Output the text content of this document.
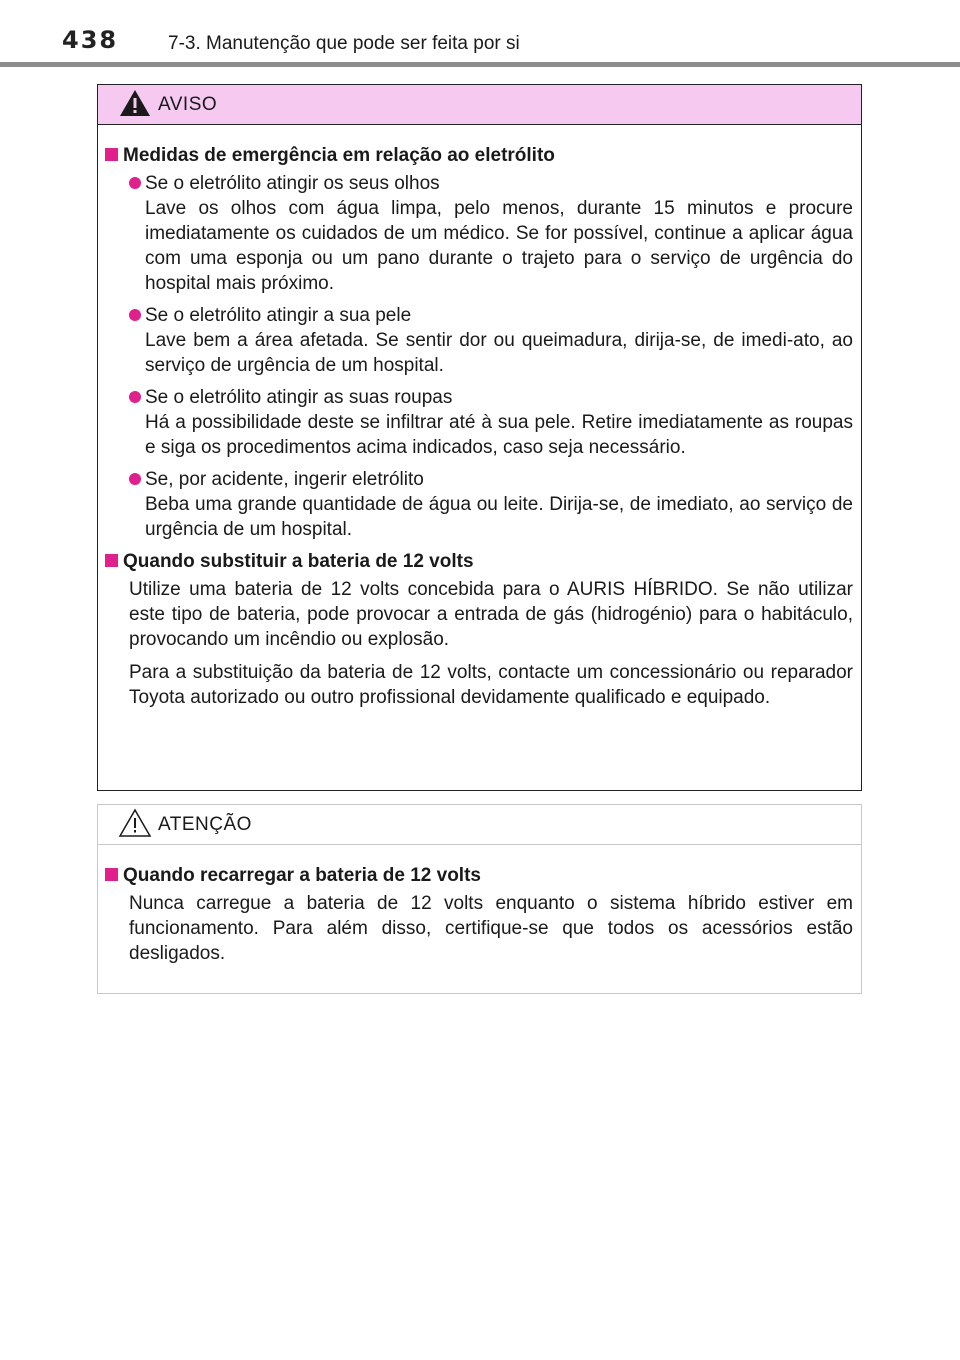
438	7-3. Manutenção que pode ser feita por si
AVISO
Medidas de emergência em relação ao eletrólito
Se o eletrólito atingir os seus olhos
Lave os olhos com água limpa, pelo menos, durante 15 minutos e procure imediatamente os cuidados de um médico. Se for possível, continue a aplicar água com uma esponja ou um pano durante o trajeto para o serviço de urgência do hospital mais próximo.
Se o eletrólito atingir a sua pele
Lave bem a área afetada. Se sentir dor ou queimadura, dirija-se, de imedi-ato, ao serviço de urgência de um hospital.
Se o eletrólito atingir as suas roupas
Há a possibilidade deste se infiltrar até à sua pele. Retire imediatamente as roupas e siga os procedimentos acima indicados, caso seja necessário.
Se, por acidente, ingerir eletrólito
Beba uma grande quantidade de água ou leite. Dirija-se, de imediato, ao serviço de urgência de um hospital.
Quando substituir a bateria de 12 volts

Utilize uma bateria de 12 volts concebida para o AURIS HÍBRIDO. Se não utilizar este tipo de bateria, pode provocar a entrada de gás (hidrogénio) para o habitáculo, provocando um incêndio ou explosão.

Para a substituição da bateria de 12 volts, contacte um concessionário ou reparador Toyota autorizado ou outro profissional devidamente qualificado e equipado.

ATENÇÃO
Quando recarregar a bateria de 12 volts

Nunca carregue a bateria de 12 volts enquanto o sistema híbrido estiver em funcionamento. Para além disso, certifique-se que todos os acessórios estão desligados.
